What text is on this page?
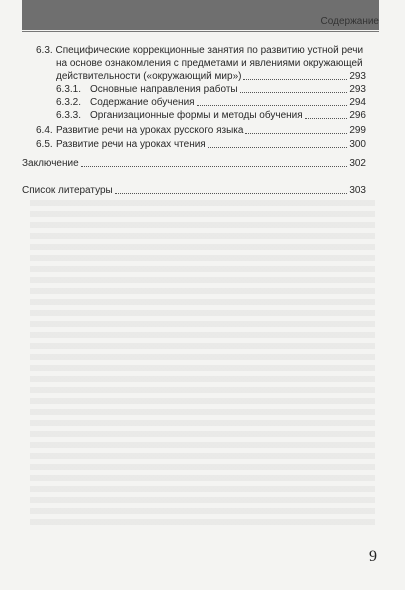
Содержание
6.3. Специфические коррекционные занятия по развитию устной речи
на основе ознакомления с предметами и явлениями окружающей
действительности («окружающий мир»)	293
6.3.1. Основные направления работы	293
6.3.2. Содержание обучения	294
6.3.3. Организационные формы и методы обучения	296
6.4. Развитие речи на уроках русского языка	299
6.5. Развитие речи на уроках чтения	300
Заключение	302
Список литературы	303
9
